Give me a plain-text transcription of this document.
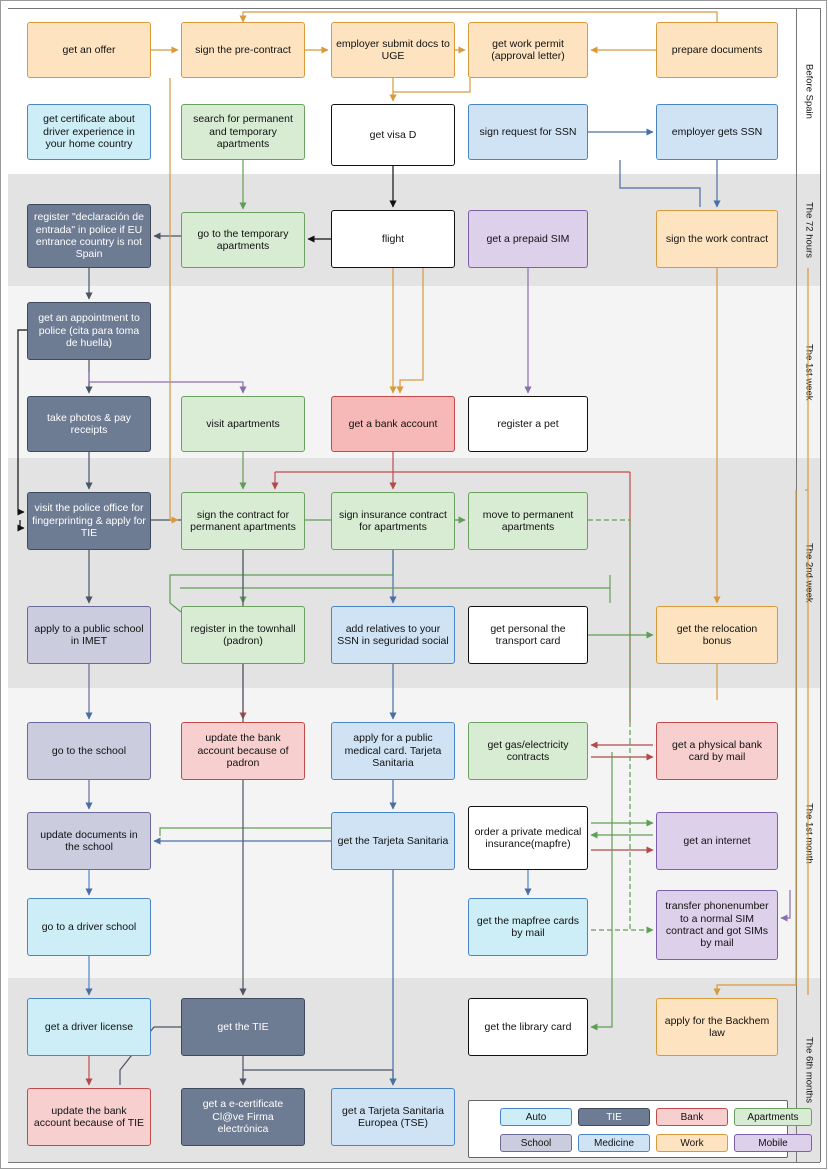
Before Spain
The 72 hours
The 1st week
The 2nd week
The 1st month
The 6th months
get an offer	sign the pre-contract
employer submit docs to UGE
get work permit (approval letter)
prepare documents
get certificate about driver experience in your home country
search for permanent and temporary apartments
get visa D	sign request for SSN	employer gets SSN
register "declaración de entrada" in police if EU entrance country is not Spain
go to the temporary apartments
flight	get a prepaid SIM	sign the work contract
get an appointment to police (cita para toma de huella)
take photos & pay receipts
visit apartments	get a bank account	register a pet
visit the police office for fingerprinting & apply for TIE
sign the contract for permanent apartments
sign insurance contract for apartments
move to permanent apartments
apply to a public school in IMET
register in the townhall (padron)
add relatives to your SSN in seguridad social
get personal the transport card
get the relocation bonus
go to the school
update the bank account because of padron
apply for a public medical card. Tarjeta Sanitaria
get gas/electricity contracts
get a physical bank card by mail
update documents in the school
get the Tarjeta Sanitaria
order a private medical insurance(mapfre)	get an internet
go to a driver school
get the mapfree cards by mail
transfer phonenumber to a normal SIM contract and got SIMs by mail
get a driver license	get the TIE	get the library card
apply for the Backhem law
update the bank account because of TIE
get a e-certificate Cl@ve Firma electrónica
get a Tarjeta Sanitaria Europea (TSE)	Auto	TIE	Bank	Apartments
School	Medicine	Work	Mobile
